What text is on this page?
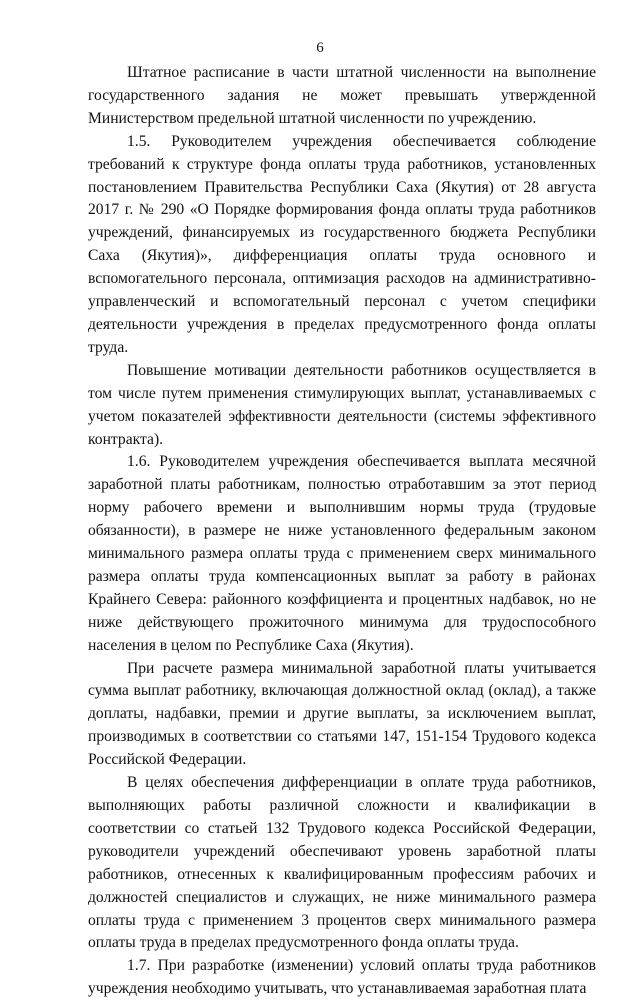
6

Штатное расписание в части штатной численности на выполнение государственного задания не может превышать утвержденной Министерством предельной штатной численности по учреждению.

1.5. Руководителем учреждения обеспечивается соблюдение требований к структуре фонда оплаты труда работников, установленных постановлением Правительства Республики Саха (Якутия) от 28 августа 2017 г. № 290 «О Порядке формирования фонда оплаты труда работников учреждений, финансируемых из государственного бюджета Республики Саха (Якутия)», дифференциация оплаты труда основного и вспомогательного персонала, оптимизация расходов на административно-управленческий и вспомогательный персонал с учетом специфики деятельности учреждения в пределах предусмотренного фонда оплаты труда.

Повышение мотивации деятельности работников осуществляется в том числе путем применения стимулирующих выплат, устанавливаемых с учетом показателей эффективности деятельности (системы эффективного контракта).

1.6. Руководителем учреждения обеспечивается выплата месячной заработной платы работникам, полностью отработавшим за этот период норму рабочего времени и выполнившим нормы труда (трудовые обязанности), в размере не ниже установленного федеральным законом минимального размера оплаты труда с применением сверх минимального размера оплаты труда компенсационных выплат за работу в районах Крайнего Севера: районного коэффициента и процентных надбавок, но не ниже действующего прожиточного минимума для трудоспособного населения в целом по Республике Саха (Якутия).

При расчете размера минимальной заработной платы учитывается сумма выплат работнику, включающая должностной оклад (оклад), а также доплаты, надбавки, премии и другие выплаты, за исключением выплат, производимых в соответствии со статьями 147, 151-154 Трудового кодекса Российской Федерации.

В целях обеспечения дифференциации в оплате труда работников, выполняющих работы различной сложности и квалификации в соответствии со статьей 132 Трудового кодекса Российской Федерации, руководители учреждений обеспечивают уровень заработной платы работников, отнесенных к квалифицированным профессиям рабочих и должностей специалистов и служащих, не ниже минимального размера оплаты труда с применением 3 процентов сверх минимального размера оплаты труда в пределах предусмотренного фонда оплаты труда.

1.7. При разработке (изменении) условий оплаты труда работников учреждения необходимо учитывать, что устанавливаемая заработная плата
